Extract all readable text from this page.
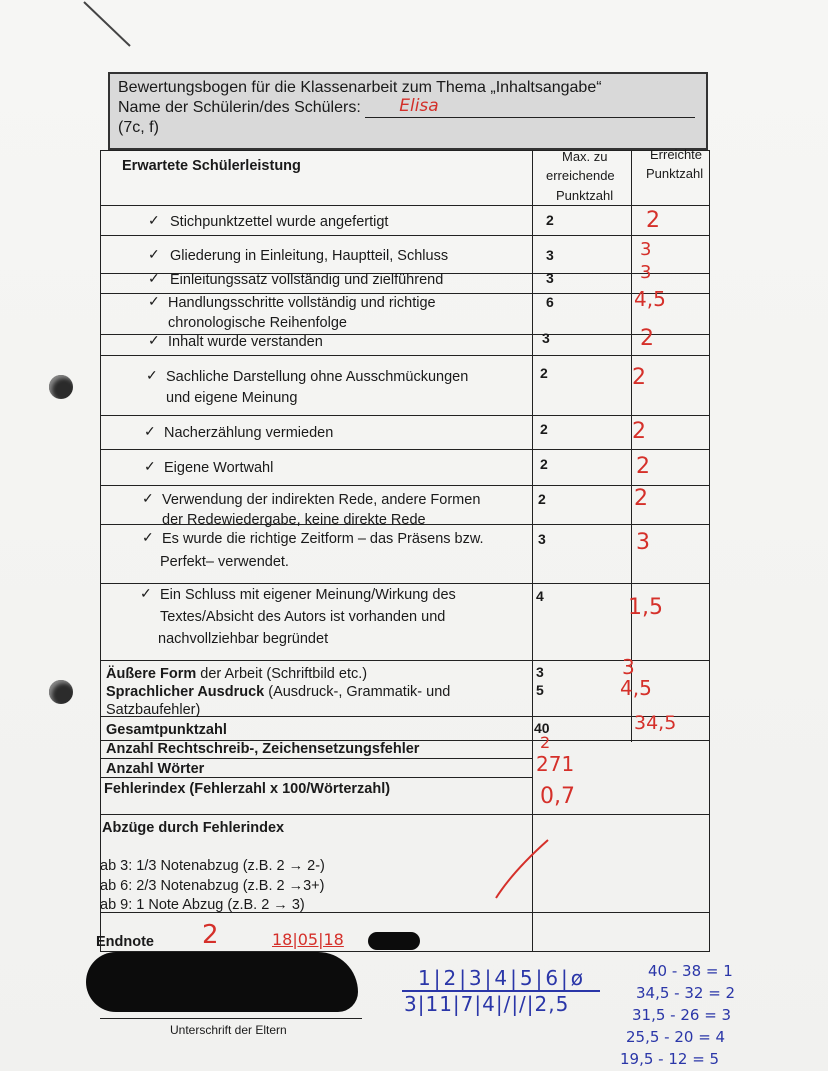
Bewertungsbogen für die Klassenarbeit zum Thema „Inhaltsangabe“
Name der Schülerin/des Schülers: Elisa
(7c, f)
Erwartete Schülerleistung
Max. zu
erreichende
Punktzahl
Erreichte
Punktzahl
✓ Stichpunktzettel wurde angefertigt	2	2
✓ Gliederung in Einleitung, Hauptteil, Schluss	3	3
✓ Einleitungssatz vollständig und zielführend	3	3
✓ Handlungsschritte vollständig und richtige
chronologische Reihenfolge
6	4,5
✓ Inhalt wurde verstanden	3	2
✓ Sachliche Darstellung ohne Ausschmückungen
und eigene Meinung
2	2
✓ Nacherzählung vermieden	2	2
✓ Eigene Wortwahl	2	2
✓ Verwendung der indirekten Rede, andere Formen
der Redewiedergabe, keine direkte Rede
2	2
✓ Es wurde die richtige Zeitform – das Präsens bzw.
Perfekt– verwendet.
3	3
✓ Ein Schluss mit eigener Meinung/Wirkung des
Textes/Absicht des Autors ist vorhanden und
nachvollziehbar begründet
4	1,5
Äußere Form der Arbeit (Schriftbild etc.)	3	3
Sprachlicher Ausdruck (Ausdruck-, Grammatik- und
Satzbaufehler)
5	4,5
Gesamtpunktzahl	40	34,5
Anzahl Rechtschreib-, Zeichensetzungsfehler	2
Anzahl Wörter	271
Fehlerindex (Fehlerzahl x 100/Wörterzahl)	0,7
Abzüge durch Fehlerindex
ab 3: 1/3 Notenabzug (z.B. 2 → 2-)
ab 6: 2/3 Notenabzug (z.B. 2 →3+)
ab 9: 1 Note Abzug (z.B. 2 → 3)
Endnote 2	18|05|18
Unterschrift der Eltern
1|2|3|4|5|6|ø
3|11|7|4|/|/|2,5
40 - 38 = 1
34,5 - 32 = 2
31,5 - 26 = 3
25,5 - 20 = 4
19,5 - 12 = 5
